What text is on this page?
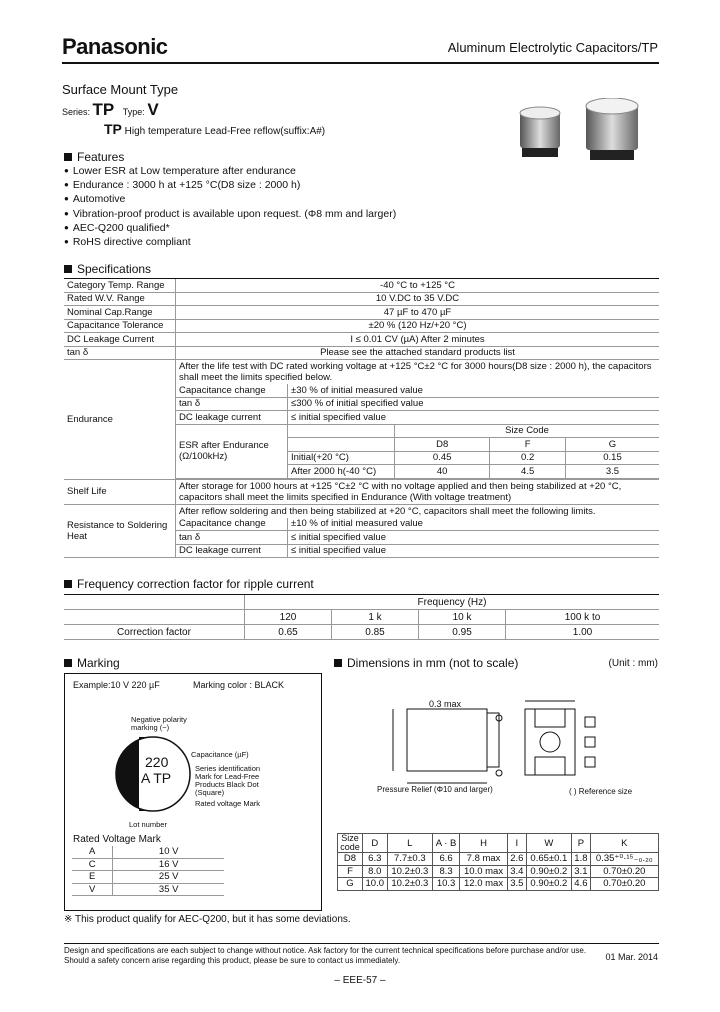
Panasonic	Aluminum Electrolytic Capacitors/TP
Surface Mount Type
Series: TP Type: V
TP High temperature Lead-Free reflow(suffix:A#)
Features
● Lower ESR at Low temperature after endurance
● Endurance : 3000 h at +125 °C(D8 size : 2000 h)
● Automotive
● Vibration-proof product is available upon request. (Φ8 mm and larger)
● AEC-Q200 qualified*
● RoHS directive compliant
Specifications
Category Temp. Range	-40 °C to +125 °C
Rated W.V. Range	10 V.DC to 35 V.DC
Nominal Cap.Range	47 µF to 470 µF
Capacitance Tolerance	±20 % (120 Hz/+20 °C)
DC Leakage Current	I ≤ 0.01 CV (µA) After 2 minutes
tan δ	Please see the attached standard products list
Endurance	
After the life test with DC rated working voltage at +125 °C±2 °C for 3000 hours(D8 size : 2000 h), the capacitors shall meet the limits specified below.
Capacitance change	±30 % of initial measured value
tan δ	≤300 % of initial specified value
DC leakage current	≤ initial specified value
ESR after Endurance (Ω/100kHz)		Size Code
	D8	F	G
Initial(+20 °C)	0.45	0.2	0.15
After 2000 h(-40 °C)	40	4.5	3.5

Shelf Life	After storage for 1000 hours at +125 °C±2 °C with no voltage applied and then being stabilized at +20 °C, capacitors shall meet the limits specified in Endurance (With voltage treatment)
Resistance to Soldering Heat	
After reflow soldering and then being stabilized at +20 °C, capacitors shall meet the following limits.
Capacitance change	±10 % of initial measured value
tan δ	≤ initial specified value
DC leakage current	≤ initial specified value
Frequency correction factor for ripple current
	Frequency (Hz)			
	120	1 k	10 k	100 k to
Correction factor	0.65	0.85	0.95	1.00
Marking
Example:10 V 220 µF	Marking color : BLACK
220
A TP
Negative polarity marking (−)
Capacitance (µF)
Series identification
Mark for Lead-Free Products Black Dot (Square)
Rated voltage Mark
Lot number
Rated Voltage Mark
A	10 V
C	16 V
E	25 V
V	35 V
Dimensions in mm (not to scale)	(Unit : mm)
0.3 max
Pressure Relief (Φ10 and larger)	( ) Reference size
Size code	D	L	A · B	H	I	W	P	K
D8	6.3	7.7±0.3	6.6	7.8 max	2.6	0.65±0.1	1.8	0.35⁺⁰·¹⁵₋₀.₂₀
F	8.0	10.2±0.3	8.3	10.0 max	3.4	0.90±0.2	3.1	0.70±0.20
G	10.0	10.2±0.3	10.3	12.0 max	3.5	0.90±0.2	4.6	0.70±0.20
※ This product qualify for AEC-Q200, but it has some deviations.
Design and specifications are each subject to change without notice. Ask factory for the current technical specifications before purchase and/or use.
Should a safety concern arise regarding this product, please be sure to contact us immediately.	01 Mar. 2014
– EEE-57 –
